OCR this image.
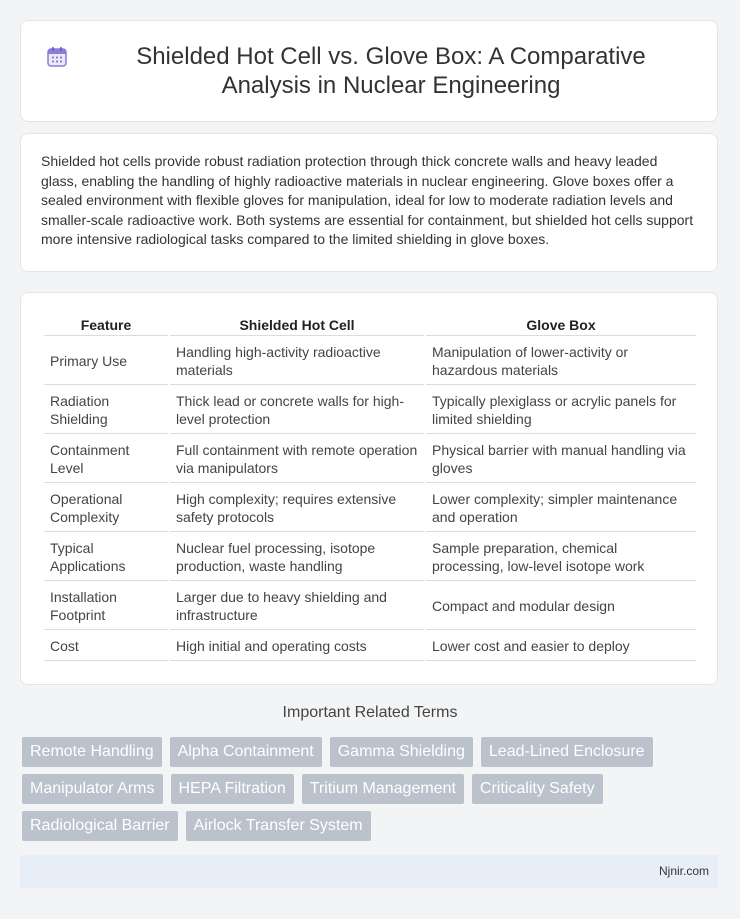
Shielded Hot Cell vs. Glove Box: A Comparative Analysis in Nuclear Engineering

Shielded hot cells provide robust radiation protection through thick concrete walls and heavy leaded glass, enabling the handling of highly radioactive materials in nuclear engineering. Glove boxes offer a sealed environment with flexible gloves for manipulation, ideal for low to moderate radiation levels and smaller-scale radioactive work. Both systems are essential for containment, but shielded hot cells support more intensive radiological tasks compared to the limited shielding in glove boxes.

Feature	Shielded Hot Cell	Glove Box
Primary Use	Handling high-activity radioactive materials	Manipulation of lower-activity or hazardous materials
Radiation Shielding	Thick lead or concrete walls for high-level protection	Typically plexiglass or acrylic panels for limited shielding
Containment Level	Full containment with remote operation via manipulators	Physical barrier with manual handling via gloves
Operational Complexity	High complexity; requires extensive safety protocols	Lower complexity; simpler maintenance and operation
Typical Applications	Nuclear fuel processing, isotope production, waste handling	Sample preparation, chemical processing, low-level isotope work
Installation Footprint	Larger due to heavy shielding and infrastructure	Compact and modular design
Cost	High initial and operating costs	Lower cost and easier to deploy
Important Related Terms
Remote Handling	Alpha Containment	Gamma Shielding	Lead-Lined Enclosure
Manipulator Arms	HEPA Filtration	Tritium Management	Criticality Safety
Radiological Barrier	Airlock Transfer System
Njnir.com
